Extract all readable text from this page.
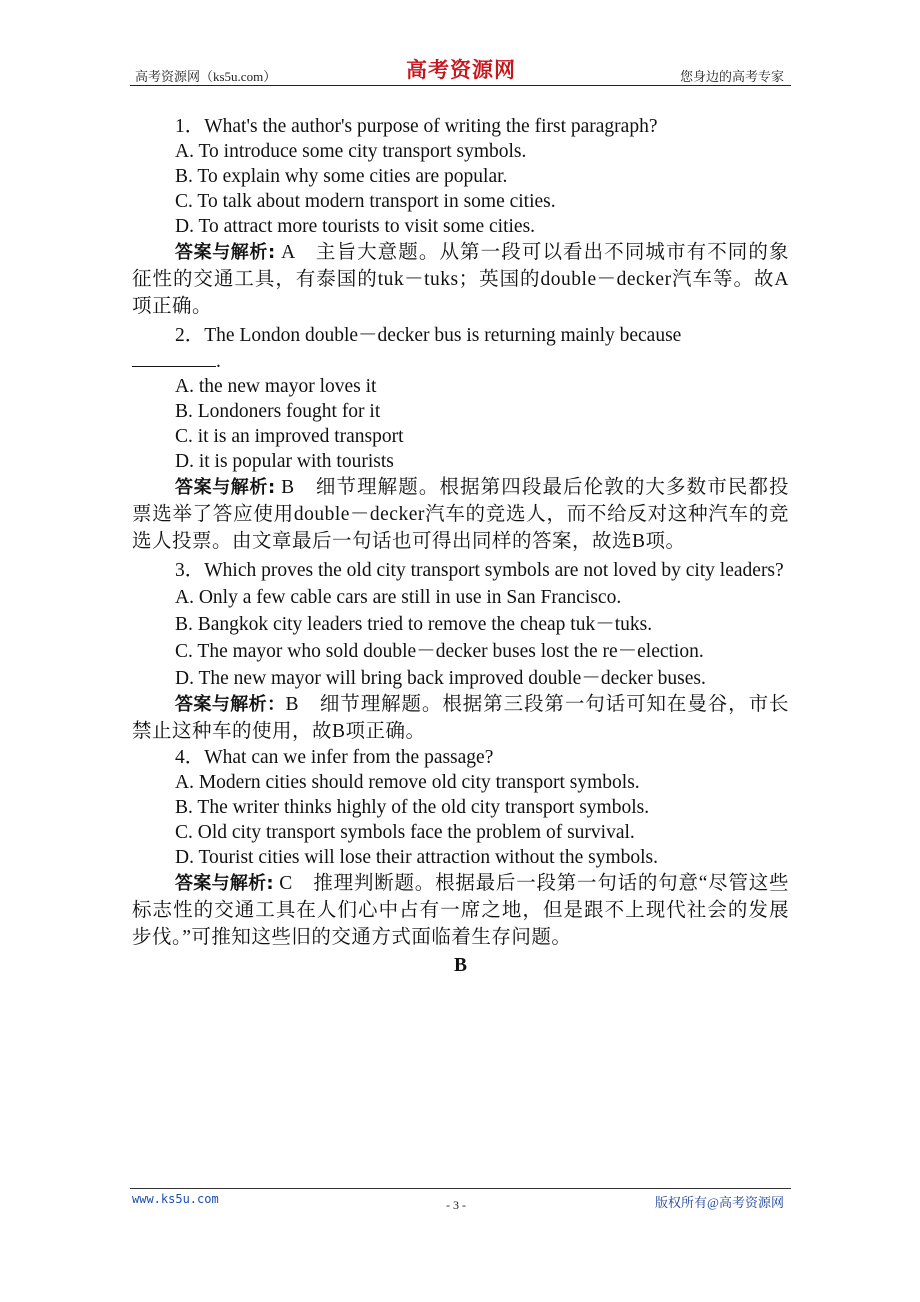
高考资源网（ks5u.com）	高考资源网	您身边的高考专家

1．What's the author's purpose of writing the first paragraph?

A. To introduce some city transport symbols.

B. To explain why some cities are popular.

C. To talk about modern transport in some cities.

D. To attract more tourists to visit some cities.

答案与解析: A　 主旨大意题。从第一段可以看出不同城市有不同的象征性的交通工具，有泰国的tuk－tuks；英国的double－decker汽车等。故A项正确。

2．The London double－decker bus is returning mainly because

.

A. the new mayor loves it

B. Londoners fought for it

C. it is an improved transport

D. it is popular with tourists

答案与解析: B　 细节理解题。根据第四段最后伦敦的大多数市民都投票选举了答应使用double－decker汽车的竞选人，而不给反对这种汽车的竞选人投票。由文章最后一句话也可得出同样的答案，故选B项。

3．Which proves the old city transport symbols are not loved by city leaders?

A. Only a few cable cars are still in use in San Francisco.

B. Bangkok city leaders tried to remove the cheap tuk－tuks.

C. The mayor who sold double－decker buses lost the re－election.

D. The new mayor will bring back improved double－decker buses.

答案与解析：B　 细节理解题。根据第三段第一句话可知在曼谷，市长禁止这种车的使用，故B项正确。

4．What can we infer from the passage?

A. Modern cities should remove old city transport symbols.

B. The writer thinks highly of the old city transport symbols.

C. Old city transport symbols face the problem of survival.

D. Tourist cities will lose their attraction without the symbols.

答案与解析: C　 推理判断题。根据最后一段第一句话的句意“尽管这些标志性的交通工具在人们心中占有一席之地，但是跟不上现代社会的发展步伐。”可推知这些旧的交通方式面临着生存问题。

B

www.ks5u.com	- 3 -	版权所有@高考资源网
